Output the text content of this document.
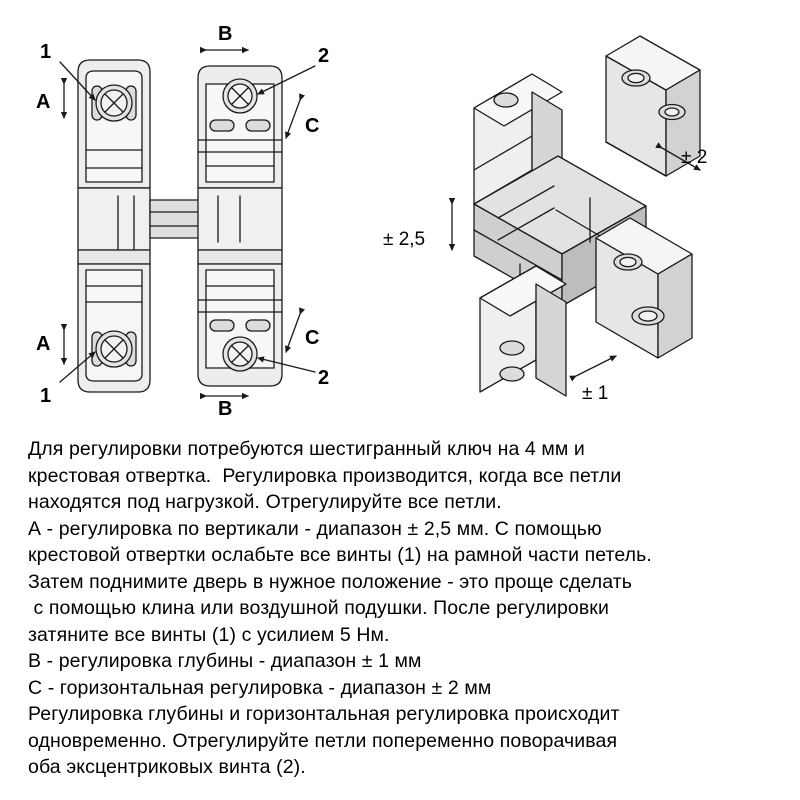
1
1
2
2
A
A
B
B
C
C
± 2,5
± 2
± 1

Для регулировки потребуются шестигранный ключ на 4 мм и

крестовая отвертка.  Регулировка производится, когда все петли

находятся под нагрузкой. Отрегулируйте все петли.

А - регулировка по вертикали - диапазон ± 2,5 мм. С помощью

крестовой отвертки ослабьте все винты (1) на рамной части петель.

Затем поднимите дверь в нужное положение - это проще сделать

с помощью клина или воздушной подушки. После регулировки

затяните все винты (1) с усилием 5 Нм.

B - регулировка глубины - диапазон ± 1 мм

C - горизонтальная регулировка - диапазон ± 2 мм

Регулировка глубины и горизонтальная регулировка происходит

одновременно. Отрегулируйте петли попеременно поворачивая

оба эксцентриковых винта (2).
